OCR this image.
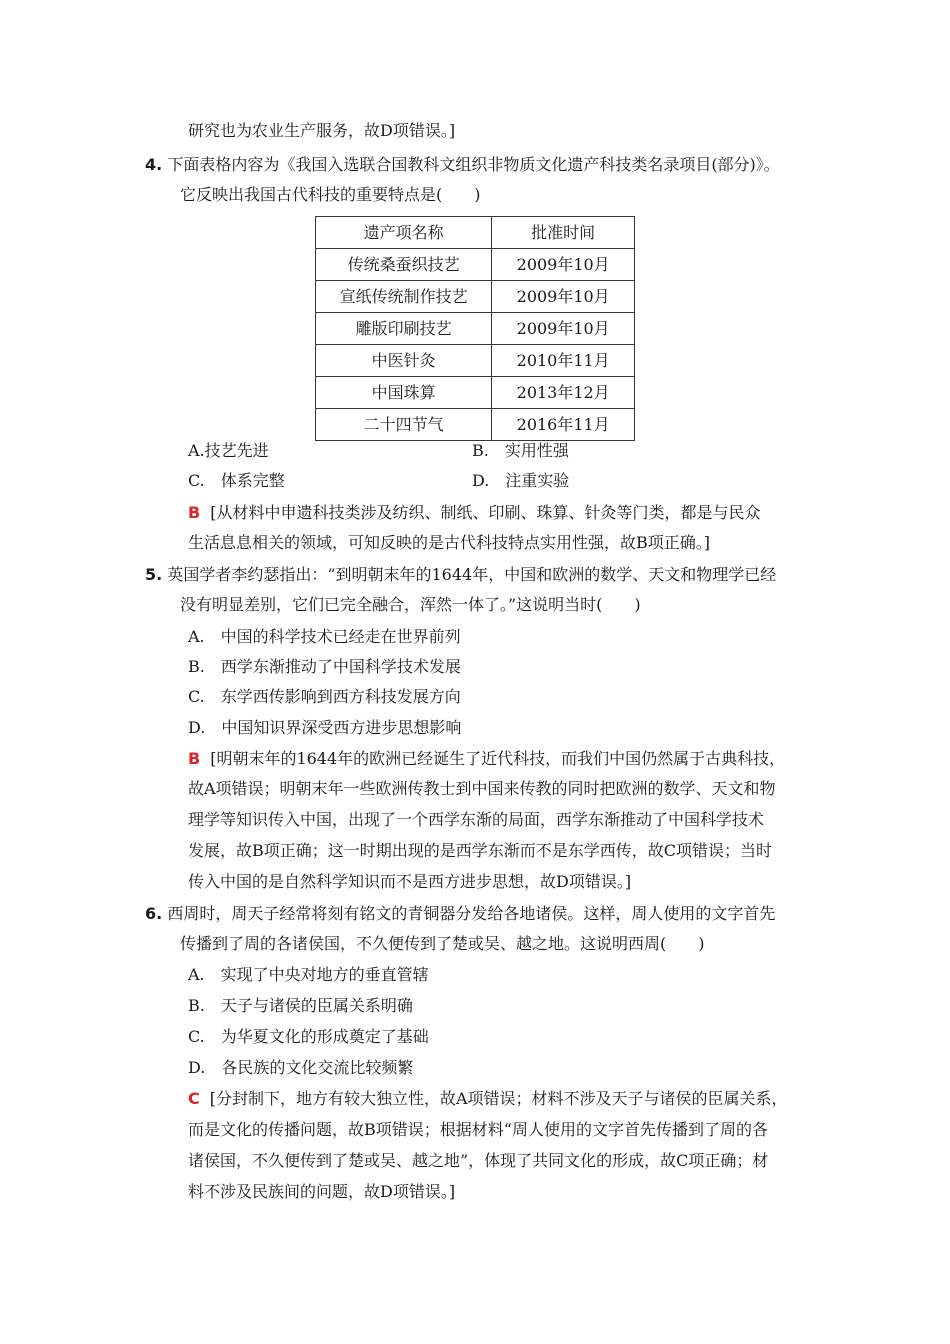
研究也为农业生产服务，故D项错误。]
4. 下面表格内容为《我国入选联合国教科文组织非物质文化遗产科技类名录项目(部分)》。
它反映出我国古代科技的重要特点是(　　)
遗产项名称	批准时间
传统桑蚕织技艺	2009年10月
宣纸传统制作技艺	2009年10月
雕版印刷技艺	2009年10月
中医针灸	2010年11月
中国珠算	2013年12月
二十四节气	2016年11月
A.技艺先进	B.　实用性强
C.　体系完整	D.　注重实验
B [从材料中申遗科技类涉及纺织、制纸、印刷、珠算、针灸等门类，都是与民众
生活息息相关的领域，可知反映的是古代科技特点实用性强，故B项正确。]
5. 英国学者李约瑟指出：“到明朝末年的1644年，中国和欧洲的数学、天文和物理学已经
没有明显差别，它们已完全融合，浑然一体了。”这说明当时(　　)
A.　中国的科学技术已经走在世界前列
B.　西学东渐推动了中国科学技术发展
C.　东学西传影响到西方科技发展方向
D.　中国知识界深受西方进步思想影响
B [明朝末年的1644年的欧洲已经诞生了近代科技，而我们中国仍然属于古典科技，
故A项错误；明朝末年一些欧洲传教士到中国来传教的同时把欧洲的数学、天文和物
理学等知识传入中国，出现了一个西学东渐的局面，西学东渐推动了中国科学技术
发展，故B项正确；这一时期出现的是西学东渐而不是东学西传，故C项错误；当时
传入中国的是自然科学知识而不是西方进步思想，故D项错误。]
6. 西周时，周天子经常将刻有铭文的青铜器分发给各地诸侯。这样，周人使用的文字首先
传播到了周的各诸侯国，不久便传到了楚或吴、越之地。这说明西周(　　)
A.　实现了中央对地方的垂直管辖
B.　天子与诸侯的臣属关系明确
C.　为华夏文化的形成奠定了基础
D.　各民族的文化交流比较频繁
C [分封制下，地方有较大独立性，故A项错误；材料不涉及天子与诸侯的臣属关系，
而是文化的传播问题，故B项错误；根据材料“周人使用的文字首先传播到了周的各
诸侯国，不久便传到了楚或吴、越之地”，体现了共同文化的形成，故C项正确；材
料不涉及民族间的问题，故D项错误。]
